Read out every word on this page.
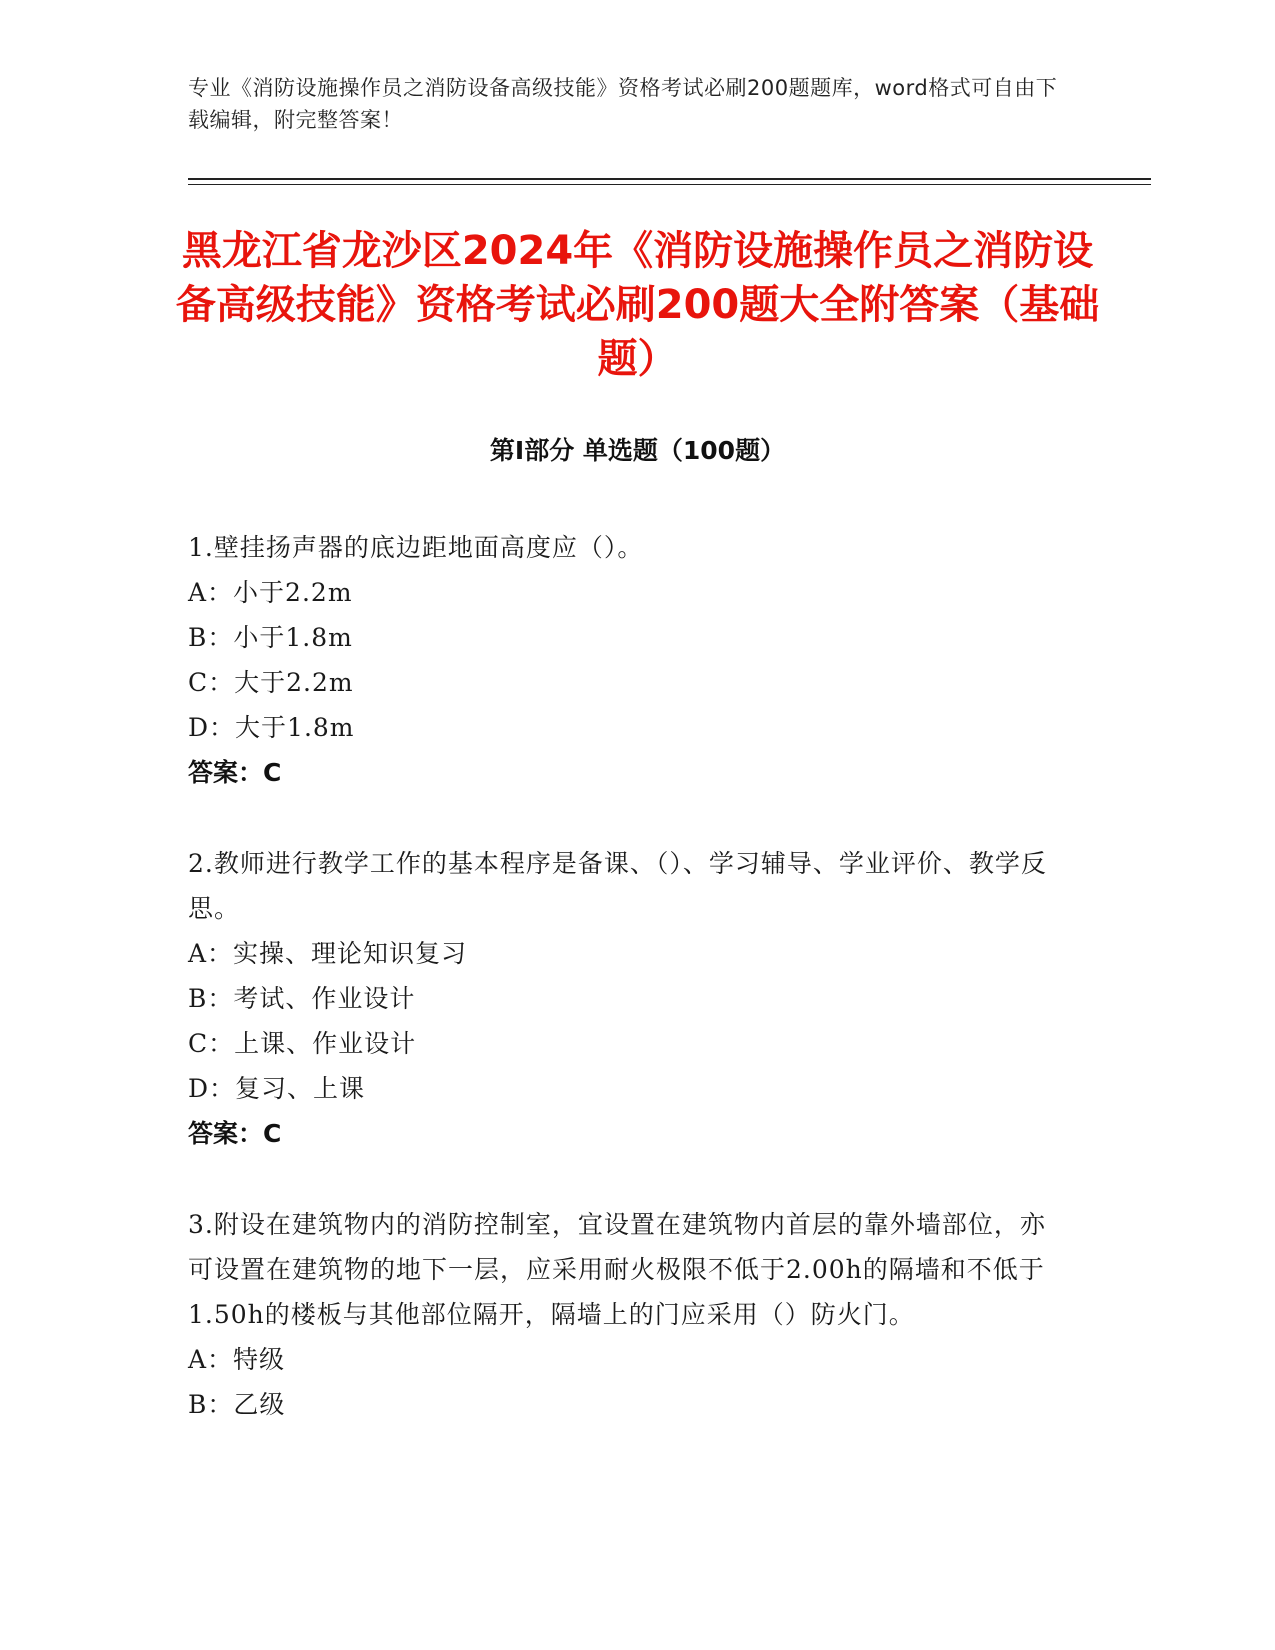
专业《消防设施操作员之消防设备高级技能》资格考试必刷200题题库，word格式可自由下载编辑，附完整答案！
黑龙江省龙沙区2024年《消防设施操作员之消防设备高级技能》资格考试必刷200题大全附答案（基础题）
第Ⅰ部分 单选题（100题）
1.壁挂扬声器的底边距地面高度应（）。
A：小于2.2m
B：小于1.8m
C：大于2.2m
D：大于1.8m
答案：C
2.教师进行教学工作的基本程序是备课、（）、学习辅导、学业评价、教学反思。
A：实操、理论知识复习
B：考试、作业设计
C：上课、作业设计
D：复习、上课
答案：C
3.附设在建筑物内的消防控制室，宜设置在建筑物内首层的靠外墙部位，亦可设置在建筑物的地下一层，应采用耐火极限不低于2.00h的隔墙和不低于1.50h的楼板与其他部位隔开，隔墙上的门应采用（）防火门。
A：特级
B：乙级
